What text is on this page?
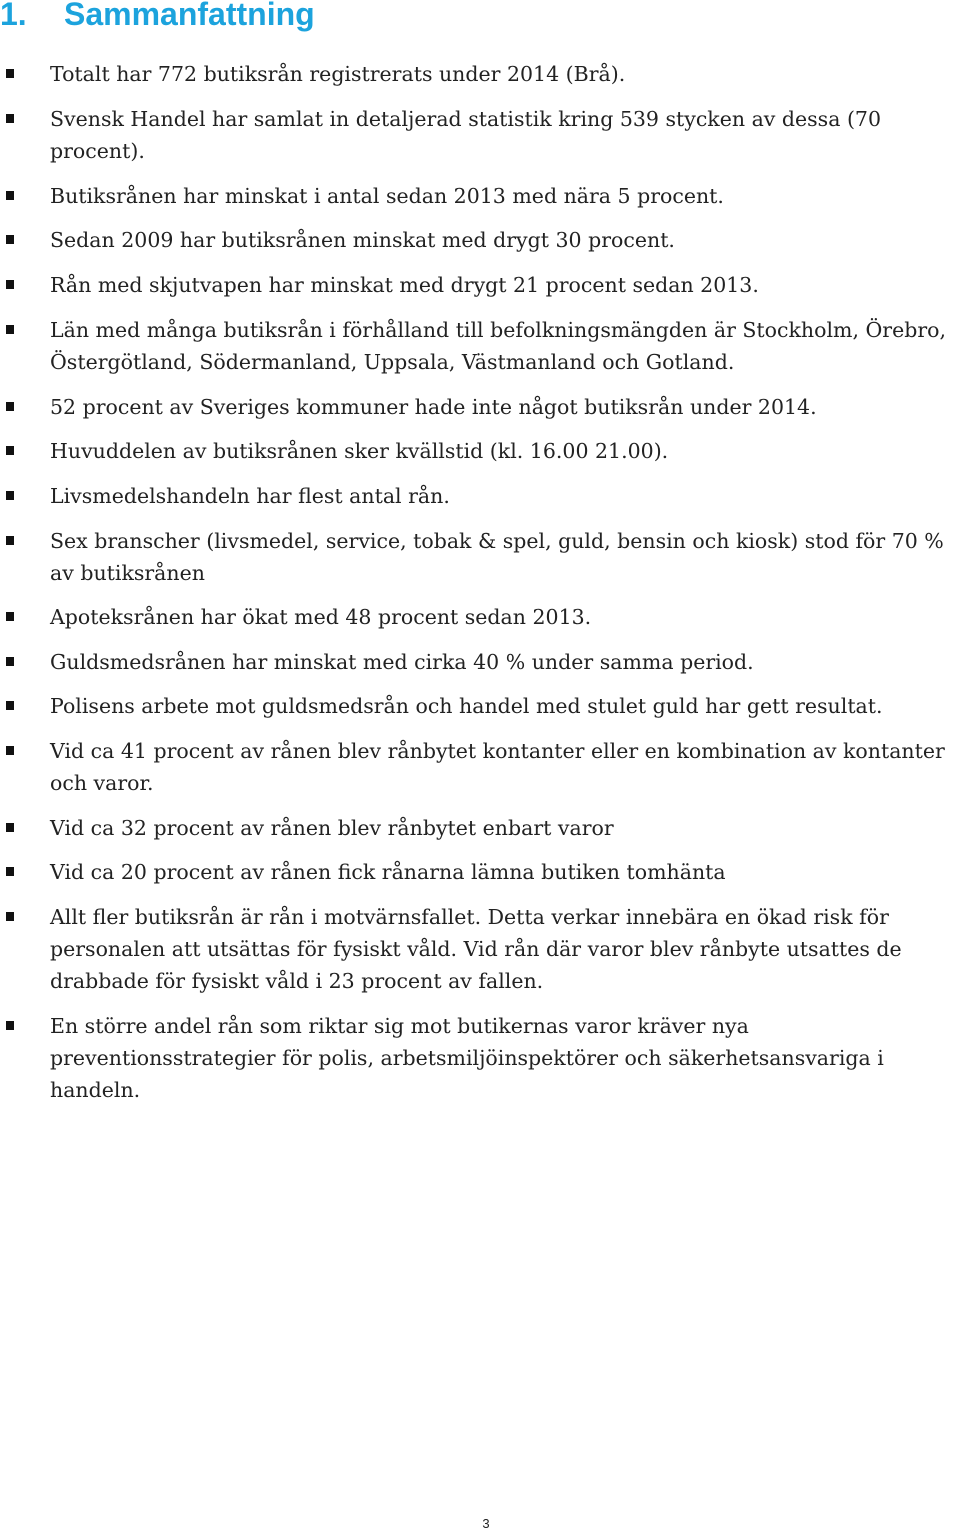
1. Sammanfattning
Totalt har 772 butiksrån registrerats under 2014 (Brå).
Svensk Handel har samlat in detaljerad statistik kring 539 stycken av dessa (70 procent).
Butiksrånen har minskat i antal sedan 2013 med nära 5 procent.
Sedan 2009 har butiksrånen minskat med drygt 30 procent.
Rån med skjutvapen har minskat med drygt 21 procent sedan 2013.
Län med många butiksrån i förhålland till befolkningsmängden är Stockholm, Örebro, Östergötland, Södermanland, Uppsala, Västmanland och Gotland.
52 procent av Sveriges kommuner hade inte något butiksrån under 2014.
Huvuddelen av butiksrånen sker kvällstid (kl. 16.00 21.00).
Livsmedelshandeln har flest antal rån.
Sex branscher (livsmedel, service, tobak & spel, guld, bensin och kiosk) stod för 70 % av butiksrånen
Apoteksrånen har ökat med 48 procent sedan 2013.
Guldsmedsrånen har minskat med cirka 40 % under samma period.
Polisens arbete mot guldsmedsrån och handel med stulet guld har gett resultat.
Vid ca 41 procent av rånen blev rånbytet kontanter eller en kombination av kontanter och varor.
Vid ca 32 procent av rånen blev rånbytet enbart varor
Vid ca 20 procent av rånen fick rånarna lämna butiken tomhänta
Allt fler butiksrån är rån i motvärnsfallet. Detta verkar innebära en ökad risk för personalen att utsättas för fysiskt våld. Vid rån där varor blev rånbyte utsattes de drabbade för fysiskt våld i 23 procent av fallen.
En större andel rån som riktar sig mot butikernas varor kräver nya preventionsstrategier för polis, arbetsmiljöinspektörer och säkerhetsansvariga i handeln.
3
